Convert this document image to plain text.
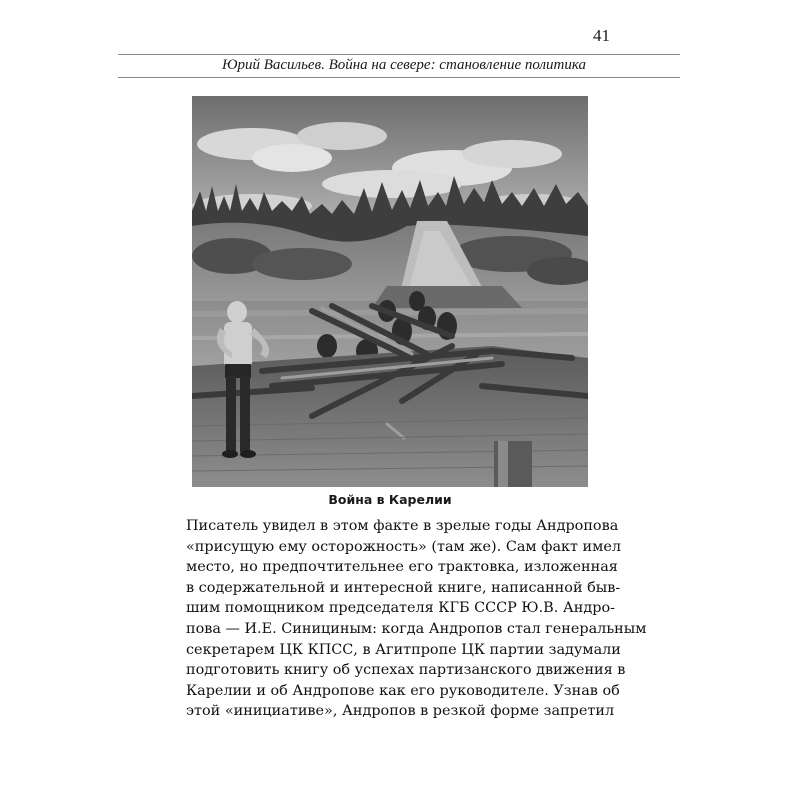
41
Юрий Васильев. Война на севере: становление политика
Война в Карелии
Писатель увидел в этом факте в зрелые годы Андропова
«присущую ему осторожность» (там же). Сам факт имел
место, но предпочтительнее его трактовка, изложенная
в содержательной и интересной книге, написанной быв-
шим помощником председателя КГБ СССР Ю.В. Андро-
пова — И.Е. Синициным: когда Андропов стал генеральным
секретарем ЦК КПСС, в Агитпропе ЦК партии задумали
подготовить книгу об успехах партизанского движения в
Карелии и об Андропове как его руководителе. Узнав об
этой «инициативе», Андропов в резкой форме запретил
